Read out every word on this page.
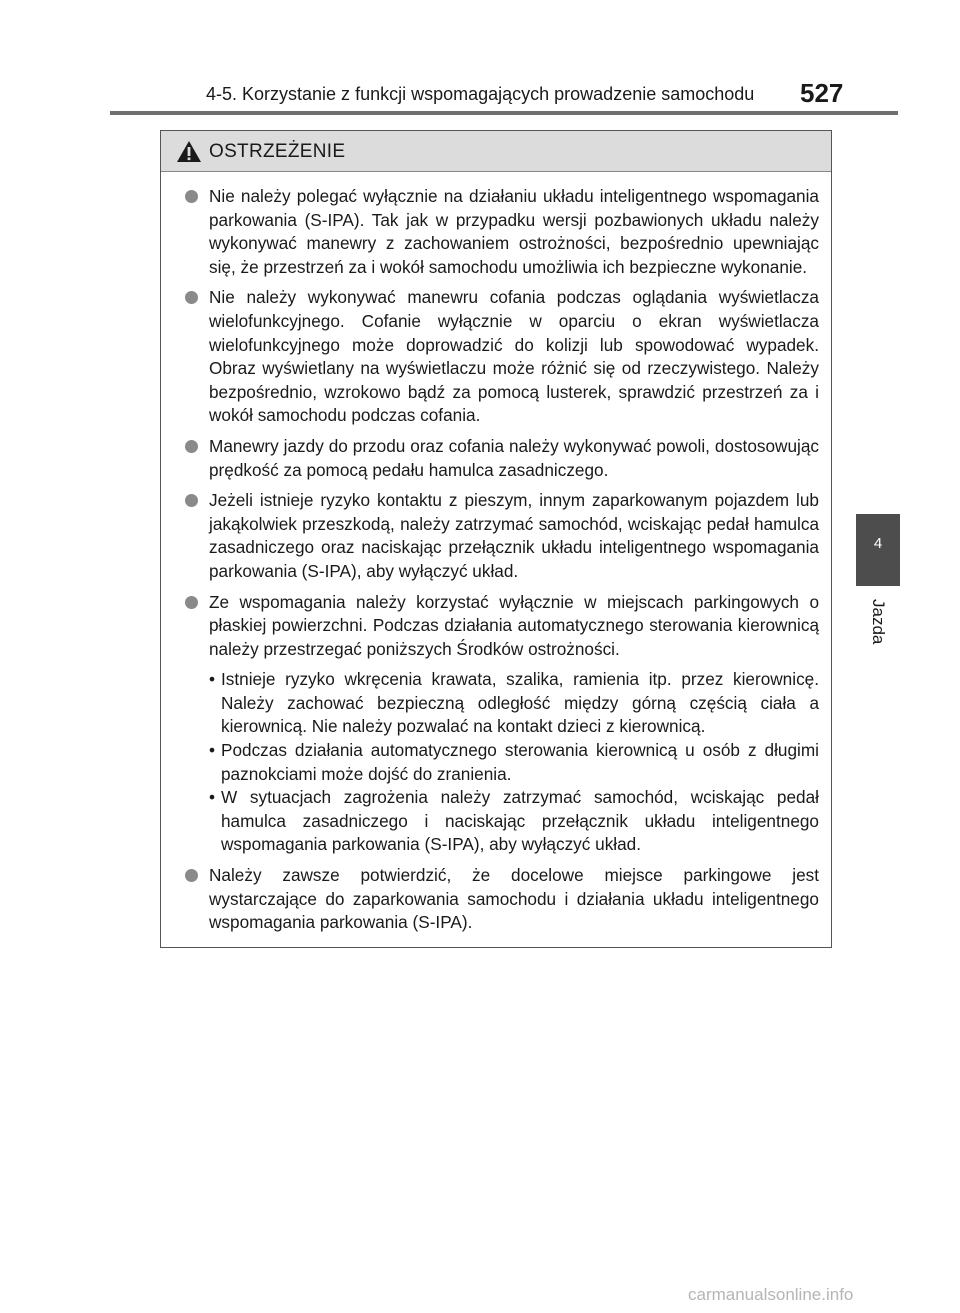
4-5. Korzystanie z funkcji wspomagających prowadzenie samochodu 527
4
Jazda
OSTRZEŻENIE
Nie należy polegać wyłącznie na działaniu układu inteligentnego wspomagania parkowania (S-IPA). Tak jak w przypadku wersji pozbawionych układu należy wykonywać manewry z zachowaniem ostrożności, bezpośrednio upewniając się, że przestrzeń za i wokół samochodu umożliwia ich bezpieczne wykonanie.
Nie należy wykonywać manewru cofania podczas oglądania wyświetlacza wielofunkcyjnego. Cofanie wyłącznie w oparciu o ekran wyświetlacza wielofunkcyjnego może doprowadzić do kolizji lub spowodować wypadek. Obraz wyświetlany na wyświetlaczu może różnić się od rzeczywistego. Należy bezpośrednio, wzrokowo bądź za pomocą lusterek, sprawdzić przestrzeń za i wokół samochodu podczas cofania.
Manewry jazdy do przodu oraz cofania należy wykonywać powoli, dostosowując prędkość za pomocą pedału hamulca zasadniczego.
Jeżeli istnieje ryzyko kontaktu z pieszym, innym zaparkowanym pojazdem lub jakąkolwiek przeszkodą, należy zatrzymać samochód, wciskając pedał hamulca zasadniczego oraz naciskając przełącznik układu inteligentnego wspomagania parkowania (S-IPA), aby wyłączyć układ.
Ze wspomagania należy korzystać wyłącznie w miejscach parkingowych o płaskiej powierzchni. Podczas działania automatycznego sterowania kierownicą należy przestrzegać poniższych Środków ostrożności.
• Istnieje ryzyko wkręcenia krawata, szalika, ramienia itp. przez kierownicę. Należy zachować bezpieczną odległość między górną częścią ciała a kierownicą. Nie należy pozwalać na kontakt dzieci z kierownicą.
• Podczas działania automatycznego sterowania kierownicą u osób z długimi paznokciami może dojść do zranienia.
• W sytuacjach zagrożenia należy zatrzymać samochód, wciskając pedał hamulca zasadniczego i naciskając przełącznik układu inteligentnego wspomagania parkowania (S-IPA), aby wyłączyć układ.
Należy zawsze potwierdzić, że docelowe miejsce parkingowe jest wystarczające do zaparkowania samochodu i działania układu inteligentnego wspomagania parkowania (S-IPA).
carmanualsonline.info
